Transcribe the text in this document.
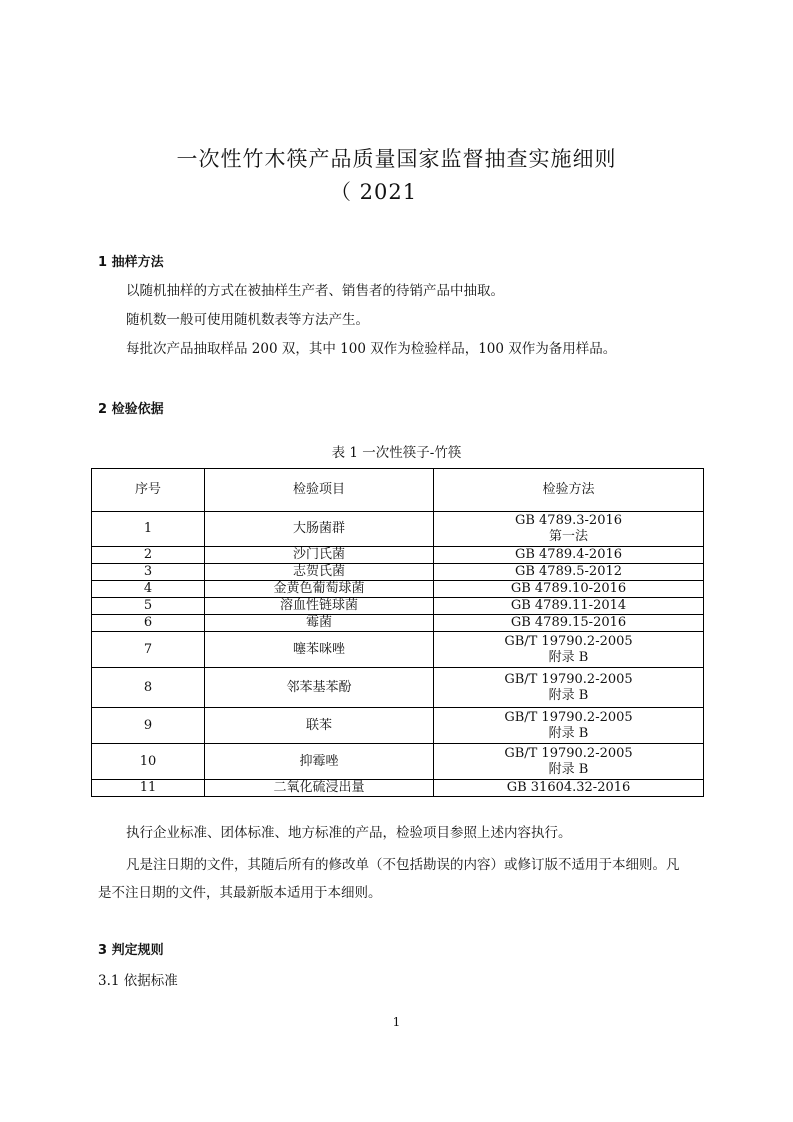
一次性竹木筷产品质量国家监督抽查实施细则
（ 2021
1 抽样方法
以随机抽样的方式在被抽样生产者、销售者的待销产品中抽取。
随机数一般可使用随机数表等方法产生。
每批次产品抽取样品 200 双，其中 100 双作为检验样品，100 双作为备用样品。
2 检验依据
表 1 一次性筷子-竹筷
序号	检验项目	检验方法
1	大肠菌群	GB 4789.3-2016
第一法

2	沙门氏菌	GB 4789.4-2016
3	志贺氏菌	GB 4789.5-2012
4	金黄色葡萄球菌	GB 4789.10-2016
5	溶血性链球菌	GB 4789.11-2014
6	霉菌	GB 4789.15-2016
7	噻苯咪唑	GB/T 19790.2-2005
附录 B

8	邻苯基苯酚	GB/T 19790.2-2005
附录 B

9	联苯	GB/T 19790.2-2005
附录 B

10	抑霉唑	GB/T 19790.2-2005
附录 B

11	二氧化硫浸出量	GB 31604.32-2016
执行企业标准、团体标准、地方标准的产品，检验项目参照上述内容执行。
凡是注日期的文件，其随后所有的修改单（不包括勘误的内容）或修订版不适用于本细则。凡
是不注日期的文件，其最新版本适用于本细则。
3 判定规则
3.1 依据标准
1
